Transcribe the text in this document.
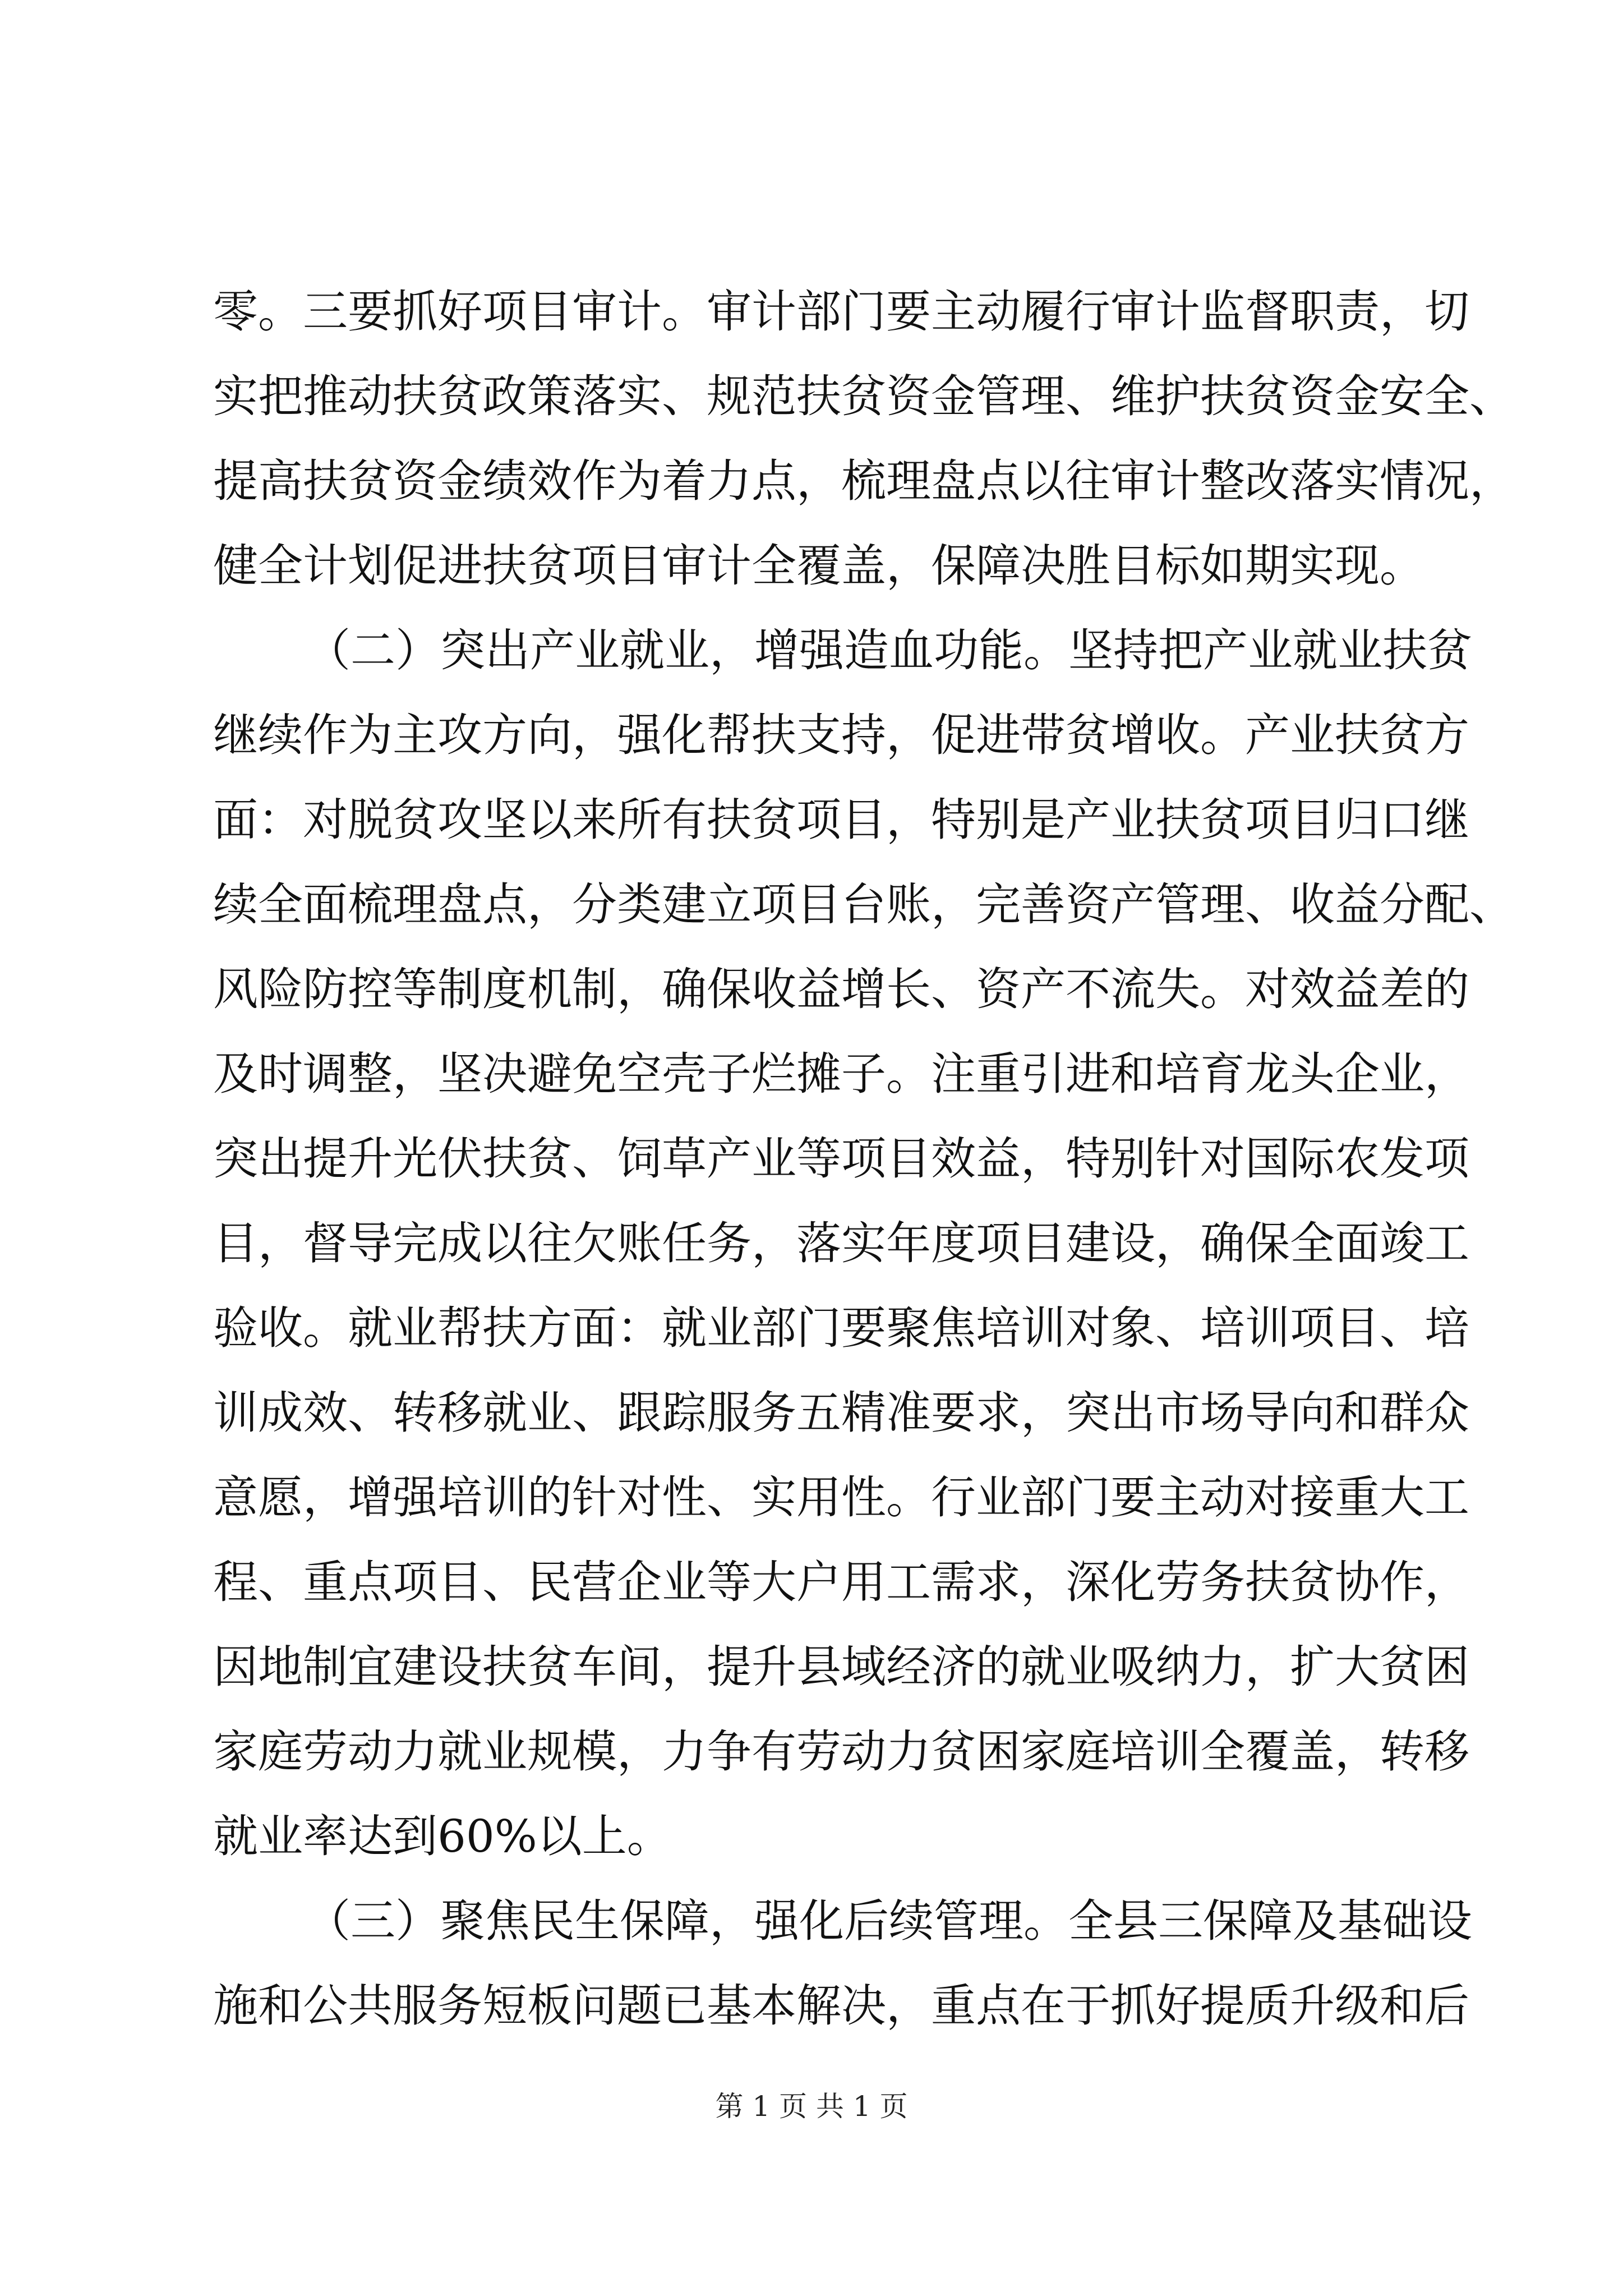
零。三要抓好项目审计。审计部门要主动履行审计监督职责，切
实把推动扶贫政策落实、规范扶贫资金管理、维护扶贫资金安全、
提高扶贫资金绩效作为着力点，梳理盘点以往审计整改落实情况，
健全计划促进扶贫项目审计全覆盖，保障决胜目标如期实现。
（二）突出产业就业，增强造血功能。坚持把产业就业扶贫
继续作为主攻方向，强化帮扶支持，促进带贫增收。产业扶贫方
面：对脱贫攻坚以来所有扶贫项目，特别是产业扶贫项目归口继
续全面梳理盘点，分类建立项目台账，完善资产管理、收益分配、
风险防控等制度机制，确保收益增长、资产不流失。对效益差的
及时调整，坚决避免空壳子烂摊子。注重引进和培育龙头企业，
突出提升光伏扶贫、饲草产业等项目效益，特别针对国际农发项
目，督导完成以往欠账任务，落实年度项目建设，确保全面竣工
验收。就业帮扶方面：就业部门要聚焦培训对象、培训项目、培
训成效、转移就业、跟踪服务五精准要求，突出市场导向和群众
意愿，增强培训的针对性、实用性。行业部门要主动对接重大工
程、重点项目、民营企业等大户用工需求，深化劳务扶贫协作，
因地制宜建设扶贫车间，提升县域经济的就业吸纳力，扩大贫困
家庭劳动力就业规模，力争有劳动力贫困家庭培训全覆盖，转移
就业率达到60%以上。
（三）聚焦民生保障，强化后续管理。全县三保障及基础设
施和公共服务短板问题已基本解决，重点在于抓好提质升级和后
第 1 页 共 1 页
